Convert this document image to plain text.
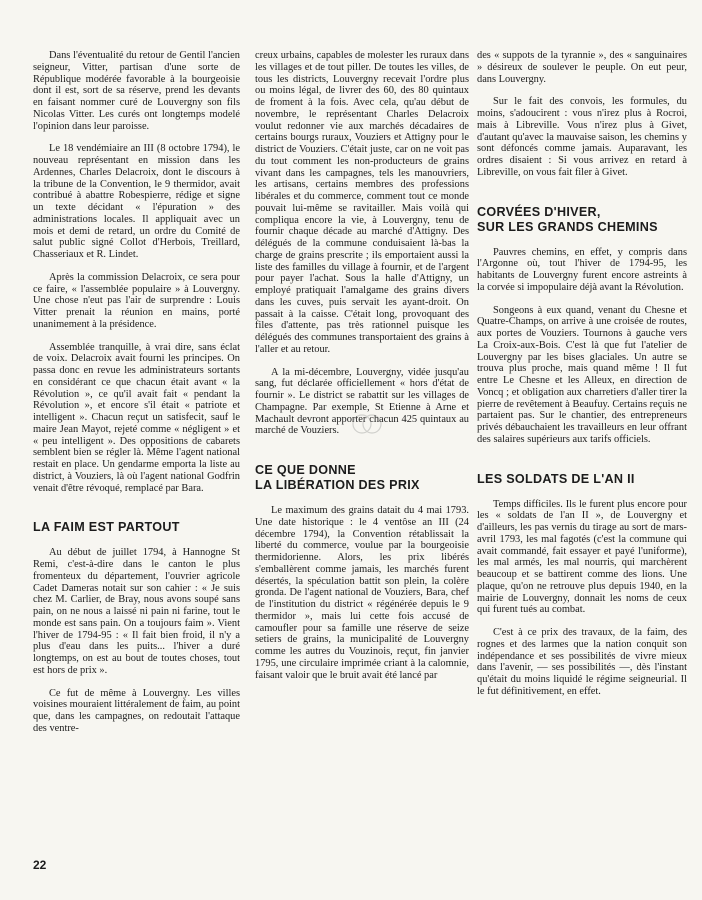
Dans l'éventualité du retour de Gentil l'ancien seigneur, Vitter, partisan d'une sorte de République modérée favorable à la bourgeoisie dont il est, sort de sa réserve, prend les devants en faisant nommer curé de Louvergny son fils Nicolas Vitter. Les curés ont longtemps modelé l'opinion dans leur paroisse.

Le 18 vendémiaire an III (8 octobre 1794), le nouveau représentant en mission dans les Ardennes, Charles Delacroix, dont le discours à la tribune de la Convention, le 9 thermidor, avait contribué à abattre Robespierre, rédige et signe un texte décidant « l'épuration » des administrations locales. Il appliquait avec un mois et demi de retard, un ordre du Comité de salut public signé Collot d'Herbois, Treillard, Chasseriaux et R. Lindet.

Après la commission Delacroix, ce sera pour ce faire, « l'assemblée populaire » à Louvergny. Une chose n'eut pas l'air de surprendre : Louis Vitter prenait la réunion en mains, porté unanimement à la présidence.

Assemblée tranquille, à vrai dire, sans éclat de voix. Delacroix avait fourni les principes. On passa donc en revue les administrateurs sortants en considérant ce que chacun était avant « la Révolution », ce qu'il avait fait « pendant la Révolution », et encore s'il était « patriote et intelligent ». Chacun reçut un satisfecit, sauf le maire Jean Mayot, rejeté comme « négligent » et « peu intelligent ». Des oppositions de cabarets semblent bien se régler là. Même l'agent national restait en place. Un gendarme emporta la liste au district, à Vouziers, là où l'agent national Godfrin venait d'être révoqué, remplacé par Bara.

LA FAIM EST PARTOUT

Au début de juillet 1794, à Hannogne St Remi, c'est-à-dire dans le canton le plus fromenteux du département, l'ouvrier agricole Cadet Dameras notait sur son cahier : « Je suis chez M. Carlier, de Bray, nous avons soupé sans pain, on ne nous a laissé ni pain ni farine, tout le monde est sans pain. On a toujours faim ». Vient l'hiver de 1794-95 : « Il fait bien froid, il n'y a plus d'eau dans les puits... l'hiver a duré longtemps, on est au bout de toutes choses, tout est hors de prix ».

Ce fut de même à Louvergny. Les villes voisines mouraient littéralement de faim, au point que, dans les campagnes, on redoutait l'attaque des ventre-

creux urbains, capables de molester les ruraux dans les villages et de tout piller. De toutes les villes, de tous les districts, Louvergny recevait l'ordre plus ou moins légal, de livrer des 60, des 80 quintaux de froment à la fois. Avec cela, qu'au début de novembre, le représentant Charles Delacroix voulut redonner vie aux marchés décadaires de certains bourgs ruraux, Vouziers et Attigny pour le district de Vouziers. C'était juste, car on ne voit pas du tout comment les non-producteurs de grains vivant dans les campagnes, tels les manouvriers, les artisans, certains membres des professions libérales et du commerce, comment tout ce monde pouvait lui-même se ravitailler. Mais voilà qui compliqua encore la vie, à Louvergny, tenu de fournir chaque décade au marché d'Attigny. Des délégués de la commune conduisaient là-bas la charge de grains prescrite ; ils emportaient aussi la liste des familles du village à fournir, et de l'argent pour payer l'achat. Sous la halle d'Attigny, un employé pratiquait l'amalgame des grains divers dans les cuves, puis servait les ayant-droit. On passait à la caisse. C'était long, provoquant des files d'attente, pas très rationnel puisque les délégués des communes transportaient des grains à l'aller et au retour.

A la mi-décembre, Louvergny, vidée jusqu'au sang, fut déclarée officiellement « hors d'état de fournir ». Le district se rabattit sur les villages de Champagne. Par exemple, St Etienne à Arne et Machault devront apporter chacun 425 quintaux au marché de Vouziers.

CE QUE DONNE
LA LIBÉRATION DES PRIX

Le maximum des grains datait du 4 mai 1793. Une date historique : le 4 ventôse an III (24 décembre 1794), la Convention rétablissait la liberté du commerce, voulue par la bourgeoisie thermidorienne. Alors, les prix libérés s'emballèrent comme jamais, les marchés furent désertés, la spéculation battit son plein, la colère gronda. De l'agent national de Vouziers, Bara, chef de l'institution du district « régénérée depuis le 9 thermidor », mais lui cette fois accusé de camoufler pour sa famille une réserve de seize setiers de grains, la municipalité de Louvergny comme les autres du Vouzinois, reçut, fin janvier 1795, une circulaire imprimée criant à la calomnie, faisant valoir que le bruit avait été lancé par

des « suppots de la tyrannie », des « sanguinaires » désireux de soulever le peuple. On eut peur, dans Louvergny.

Sur le fait des convois, les formules, du moins, s'adoucirent : vous n'irez plus à Rocroi, mais à Libreville. Vous n'irez plus à Givet, d'autant qu'avec la mauvaise saison, les chemins y sont défoncés comme jamais. Auparavant, les ordres disaient : Si vous arrivez en retard à Libreville, on vous fait filer à Givet.

CORVÉES D'HIVER,
SUR LES GRANDS CHEMINS

Pauvres chemins, en effet, y compris dans l'Argonne où, tout l'hiver de 1794-95, les habitants de Louvergny furent encore astreints à la corvée si impopulaire déjà avant la Révolution.

Songeons à eux quand, venant du Chesne et Quatre-Champs, on arrive à une croisée de routes, aux portes de Vouziers. Tournons à gauche vers La Croix-aux-Bois. C'est là que fut l'atelier de Louvergny par les bises glaciales. Un autre se trouva plus proche, mais quand même ! Il fut entre Le Chesne et les Alleux, en direction de Voncq ; et obligation aux charretiers d'aller tirer la pierre de revêtement à Beaufuy. Certains reçuis ne partaient pas. Sur le chantier, des entrepreneurs privés débauchaient les travailleurs en leur offrant des salaires supérieurs aux tarifs officiels.

LES SOLDATS DE L'AN II

Temps difficiles. Ils le furent plus encore pour les « soldats de l'an II », de Louvergny et d'ailleurs, les pas vernis du tirage au sort de mars-avril 1793, les mal fagotés (c'est la commune qui avait commandé, fait essayer et payé l'uniforme), les mal armés, les mal nourris, qui marchèrent beaucoup et se battirent comme des lions. Une plaque, qu'on ne retrouve plus depuis 1940, en la mairie de Louvergny, donnait les noms de ceux qui furent tués au combat.

C'est à ce prix des travaux, de la faim, des rognes et des larmes que la nation conquit son indépendance et ses possibilités de vivre mieux dans l'avenir, — ses possibilités —, dès l'instant qu'était du moins liquidé le régime seigneurial. Il le fut définitivement, en effet.

22
